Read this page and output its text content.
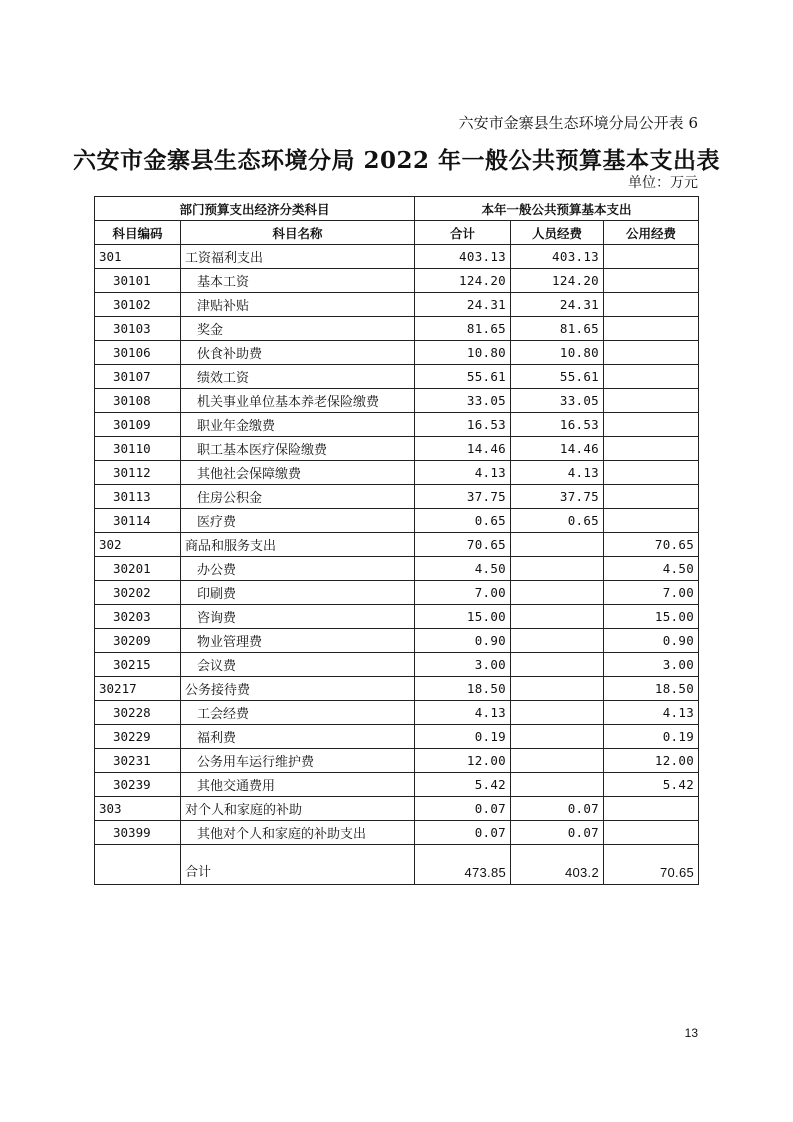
六安市金寨县生态环境分局公开表 6
六安市金寨县生态环境分局 2022 年一般公共预算基本支出表
单位：万元
部门预算支出经济分类科目		本年一般公共预算基本支出		
科目编码	科目名称	合计	人员经费	公用经费
301	工资福利支出	403.13	403.13	
30101	基本工资	124.20	124.20	
30102	津贴补贴	24.31	24.31	
30103	奖金	81.65	81.65	
30106	伙食补助费	10.80	10.80	
30107	绩效工资	55.61	55.61	
30108	机关事业单位基本养老保险缴费	33.05	33.05	
30109	职业年金缴费	16.53	16.53	
30110	职工基本医疗保险缴费	14.46	14.46	
30112	其他社会保障缴费	4.13	4.13	
30113	住房公积金	37.75	37.75	
30114	医疗费	0.65	0.65	
302	商品和服务支出	70.65		70.65
30201	办公费	4.50		4.50
30202	印刷费	7.00		7.00
30203	咨询费	15.00		15.00
30209	物业管理费	0.90		0.90
30215	会议费	3.00		3.00
30217	公务接待费	18.50		18.50
30228	工会经费	4.13		4.13
30229	福利费	0.19		0.19
30231	公务用车运行维护费	12.00		12.00
30239	其他交通费用	5.42		5.42
303	对个人和家庭的补助	0.07	0.07	
30399	其他对个人和家庭的补助支出	0.07	0.07	
	合计	473.85	403.2	70.65
13
